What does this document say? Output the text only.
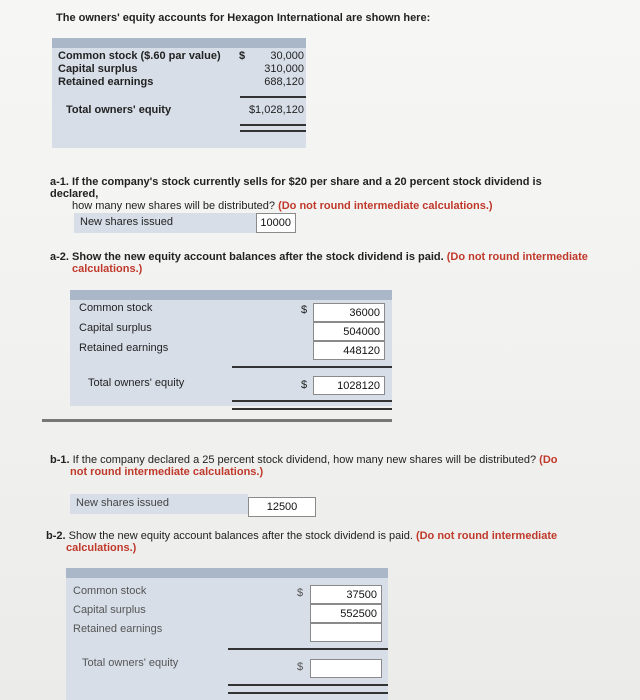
The owners' equity accounts for Hexagon International are shown here:
Common stock ($.60 par value) $	30,000
Capital surplus	310,000
Retained earnings	688,120
Total owners' equity	$1,028,120
a-1. If the company's stock currently sells for $20 per share and a 20 percent stock dividend is declared,
how many new shares will be distributed? (Do not round intermediate calculations.)
New shares issued	10000
a-2. Show the new equity account balances after the stock dividend is paid. (Do not round intermediate
calculations.)
Common stock	$	36000
Capital surplus	504000
Retained earnings	448120
Total owners' equity	$	1028120
b-1. If the company declared a 25 percent stock dividend, how many new shares will be distributed? (Do
not round intermediate calculations.)
New shares issued	12500
b-2. Show the new equity account balances after the stock dividend is paid. (Do not round intermediate
calculations.)
Common stock	$	37500
Capital surplus	552500
Retained earnings
Total owners' equity	$
